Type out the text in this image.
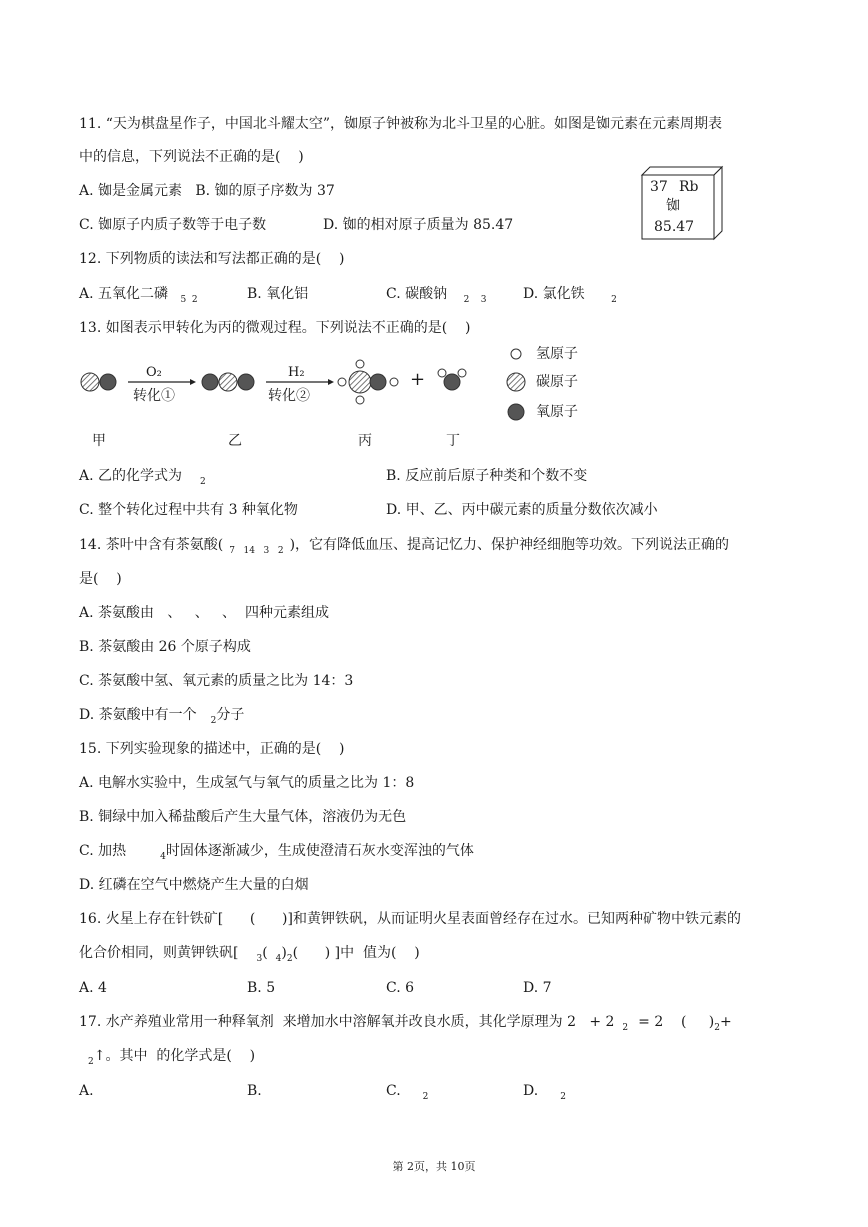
11. “天为棋盘星作子，中国北斗耀太空”，铷原子钟被称为北斗卫星的心脏。如图是铷元素在元素周期表
中的信息，下列说法不正确的是(    )
A. 铷是金属元素   B. 铷的原子序数为 37
C. 铷原子内质子数等于电子数	D. 铷的相对原子质量为 85.47
37 Rb
铷
85.47
12. 下列物质的读法和写法都正确的是(    )
A. 五氧化二磷 $_{5 2}$	B. 氧化铝	C. 碳酸钠 $_{2 3}$	D. 氯化铁	$_2$
13. 如图表示甲转化为丙的微观过程。下列说法不正确的是(    )
O₂
转化①
H₂
转化②
+
氢原子
碳原子
氧原子
甲	乙	丙	丁
A. 乙的化学式为 $_2$	B. 反应前后原子种类和个数不变
C. 整个转化过程中共有 3 种氧化物	D. 甲、乙、丙中碳元素的质量分数依次减小
14. 茶叶中含有茶氨酸( $_{7 14 3 2}$ )，它有降低血压、提高记忆力、保护神经细胞等功效。下列说法正确的
是(    )
A. 茶氨酸由   、   、   、  四种元素组成
B. 茶氨酸由 26 个原子构成
C. 茶氨酸中氢、氧元素的质量之比为 14：3
D. 茶氨酸中有一个 $_2$分子
15. 下列实验现象的描述中，正确的是(    )
A. 电解水实验中，生成氢气与氧气的质量之比为 1：8
B. 铜绿中加入稀盐酸后产生大量气体，溶液仍为无色
C. 加热	$_4$时固体逐渐减少，生成使澄清石灰水变浑浊的气体
D. 红磷在空气中燃烧产生大量的白烟
16. 火星上存在针铁矿[      (      )]和黄钾铁矾，从而证明火星表面曾经存在过水。已知两种矿物中铁元素的
化合价相同，则黄钾铁矾[ $_3$( $_4)_2$(      ) ]中  值为(    )
A. 4	B. 5	C. 6	D. 7
17. 水产养殖业常用一种释氧剂  来增加水中溶解氧并改良水质，其化学原理为 2   + 2 $_2$ = 2    (     )$_2+$
$_2$↑。其中  的化学式是(    )
A.	B.	C. $_2$	D. $_2$
第 2页，共 10页
